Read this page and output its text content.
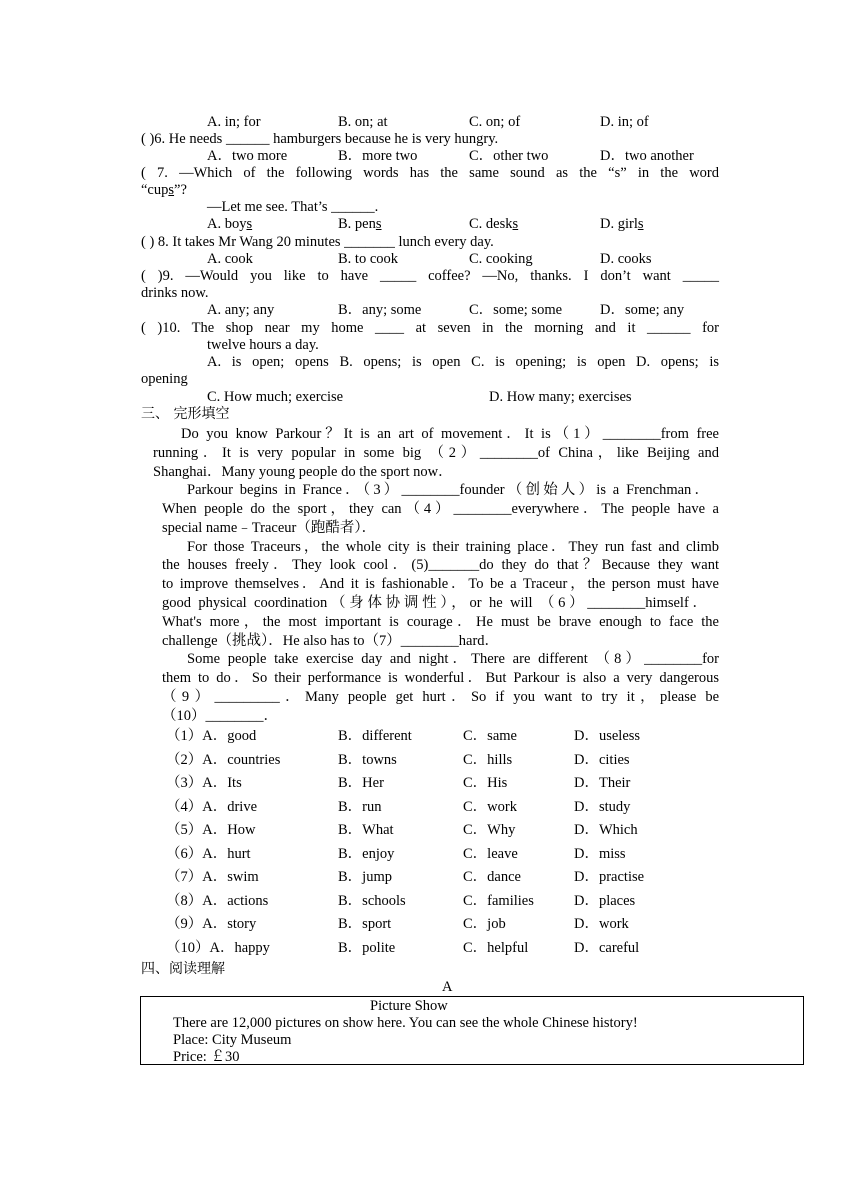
A. in; for	B. on; at	C. on; of	D. in; of
( )6. He needs ______ hamburgers because he is very hungry.
A．two more	B．more two	C．other two	D．two another
( 7. —Which of the following words has the same sound as the “s” in the word
“cups”?
—Let me see. That’s ______.
A. boys	B. pens	C. desks	D. girls
( ) 8. It takes Mr Wang 20 minutes _______ lunch every day.
A. cook	B. to cook	C. cooking	D. cooks
( )9. —Would you like to have _____ coffee? —No, thanks. I don’t want _____
drinks now.
A. any; any	B．any; some	C．some; some	D．some; any
( )10. The shop near my home ____ at seven in the morning and it ______ for
twelve hours a day.
A. is open; opens B. opens; is open C. is opening; is open D. opens; is
opening
C. How much; exercise	D. How many; exercises
三、 完形填空
Do you know Parkour？It is an art of movement．It is（1）________from free
running．It is very popular in some big （2）________of China，like Beijing and
Shanghai．Many young people do the sport now．
Parkour begins in France．（3）________founder（创始人）is a Frenchman．
When people do the sport，they can（4）________everywhere．The people have a
special name﹣Traceur（跑酷者）．
For those Traceurs，the whole city is their training place．They run fast and climb
the houses freely．They look cool．(5)_______do they do that？Because they want
to improve themselves．And it is fashionable．To be a Traceur，the person must have
good physical coordination（身体协调性），or he will （6）________himself．
What's more，the most important is courage．He must be brave enough to face the
challenge（挑战）．He also has to（7）________hard．
Some people take exercise day and night．There are different （8）________for
them to do．So their performance is wonderful．But Parkour is also a very dangerous
（9）_________．Many people get hurt．So if you want to try it，please be
（10）________．
（1）A．good	B．different	C．same	D．useless
（2）A．countries	B．towns	C．hills	D．cities
（3）A．Its	B．Her	C．His	D．Their
（4）A．drive	B．run	C．work	D．study
（5）A．How	B．What	C．Why	D．Which
（6）A．hurt	B．enjoy	C．leave	D．miss
（7）A．swim	B．jump	C．dance	D．practise
（8）A．actions	B．schools	C．families	D．places
（9）A．story	B．sport	C．job	D．work
（10）A．happy	B．polite	C．helpful	D．careful
四、阅读理解
A
Picture Show
There are 12,000 pictures on show here. You can see the whole Chinese history!
Place: City Museum
Price: ￡30
